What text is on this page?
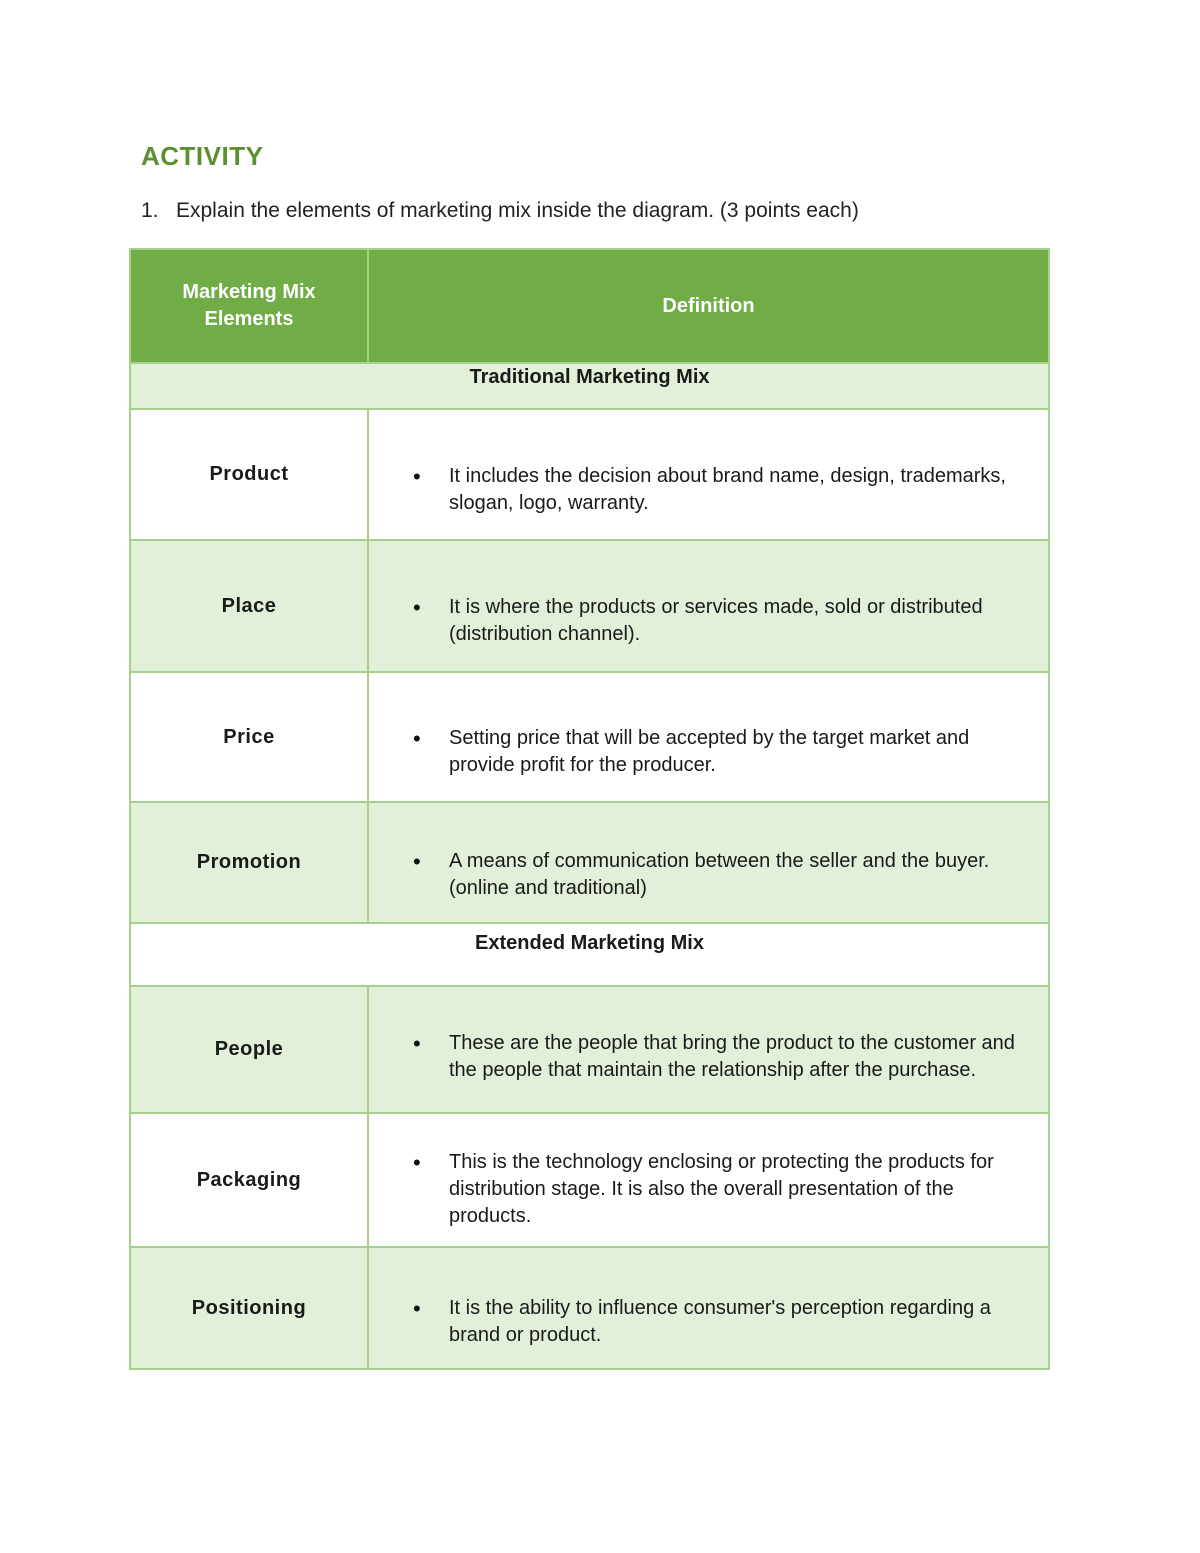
ACTIVITY
1. Explain the elements of marketing mix inside the diagram. (3 points each)
Marketing Mix
Elements	Definition
Traditional Marketing Mix	
Product	• It includes the decision about brand name, design, trademarks, slogan, logo, warranty.

Place	• It is where the products or services made, sold or distributed (distribution channel).

Price	• Setting price that will be accepted by the target market and provide profit for the producer.

Promotion	• A means of communication between the seller and the buyer. (online and traditional)

Extended Marketing Mix	
People	• These are the people that bring the product to the customer and the people that maintain the relationship after the purchase.

Packaging	• This is the technology enclosing or protecting the products for distribution stage. It is also the overall presentation of the products.

Positioning	• It is the ability to influence consumer's perception regarding a brand or product.
